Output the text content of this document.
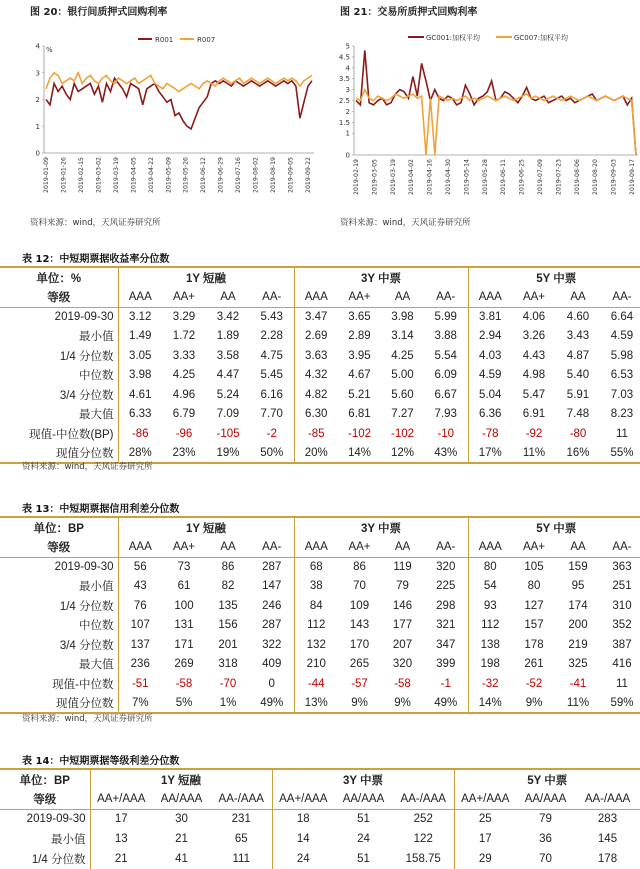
图 20：银行间质押式回购利率
0
1
2
3
4
2019-01-09 2019-01-26 2019-02-15 2019-03-02 2019-03-19 2019-04-05 2019-04-22 2019-05-09 2019-05-26 2019-06-12 2019-06-29 2019-07-16 2019-08-02 2019-08-19 2019-09-05 2019-09-22
R001	R007
%
图 21：交易所质押式回购利率
0
1
1.5
2
2.5
3
3.5
4
4.5
5
2019-02-19 2019-03-05 2019-03-19 2019-04-02 2019-04-16 2019-04-30 2019-05-14 2019-05-28 2019-06-11 2019-06-25 2019-07-09 2019-07-23 2019-08-06 2019-08-20 2019-09-03 2019-09-17
GC001:加权平均	GC007:加权平均
资料来源：wind，天风证券研究所	资料来源：wind，天风证券研究所
表 12：中短期票据收益率分位数
单位：%	1Y 短融				3Y 中票				5Y 中票			
等级	AAA	AA+	AA	AA-	AAA	AA+	AA	AA-	AAA	AA+	AA	AA-
2019-09-30	3.12	3.29	3.42	5.43	3.47	3.65	3.98	5.99	3.81	4.06	4.60	6.64
最小值	1.49	1.72	1.89	2.28	2.69	2.89	3.14	3.88	2.94	3.26	3.43	4.59
1/4 分位数	3.05	3.33	3.58	4.75	3.63	3.95	4.25	5.54	4.03	4.43	4.87	5.98
中位数	3.98	4.25	4.47	5.45	4.32	4.67	5.00	6.09	4.59	4.98	5.40	6.53
3/4 分位数	4.61	4.96	5.24	6.16	4.82	5.21	5.60	6.67	5.04	5.47	5.91	7.03
最大值	6.33	6.79	7.09	7.70	6.30	6.81	7.27	7.93	6.36	6.91	7.48	8.23
现值-中位数(BP)	-86	-96	-105	-2	-85	-102	-102	-10	-78	-92	-80	11
现值分位数	28%	23%	19%	50%	20%	14%	12%	43%	17%	11%	16%	55%
资料来源：wind，天风证券研究所
表 13：中短期票据信用利差分位数
单位：BP	1Y 短融				3Y 中票				5Y 中票			
等级	AAA	AA+	AA	AA-	AAA	AA+	AA	AA-	AAA	AA+	AA	AA-
2019-09-30	56	73	86	287	68	86	119	320	80	105	159	363
最小值	43	61	82	147	38	70	79	225	54	80	95	251
1/4 分位数	76	100	135	246	84	109	146	298	93	127	174	310
中位数	107	131	156	287	112	143	177	321	112	157	200	352
3/4 分位数	137	171	201	322	132	170	207	347	138	178	219	387
最大值	236	269	318	409	210	265	320	399	198	261	325	416
现值-中位数	-51	-58	-70	0	-44	-57	-58	-1	-32	-52	-41	11
现值分位数	7%	5%	1%	49%	13%	9%	9%	49%	14%	9%	11%	59%
资料来源：wind，天风证券研究所
表 14：中短期票据等级利差分位数
单位：BP	1Y 短融			3Y 中票			5Y 中票		
等级	AA+/AAA	AA/AAA	AA-/AAA	AA+/AAA	AA/AAA	AA-/AAA	AA+/AAA	AA/AAA	AA-/AAA
2019-09-30	17	30	231	18	51	252	25	79	283
最小值	13	21	65	14	24	122	17	36	145
1/4 分位数	21	41	111	24	51	158.75	29	70	178
